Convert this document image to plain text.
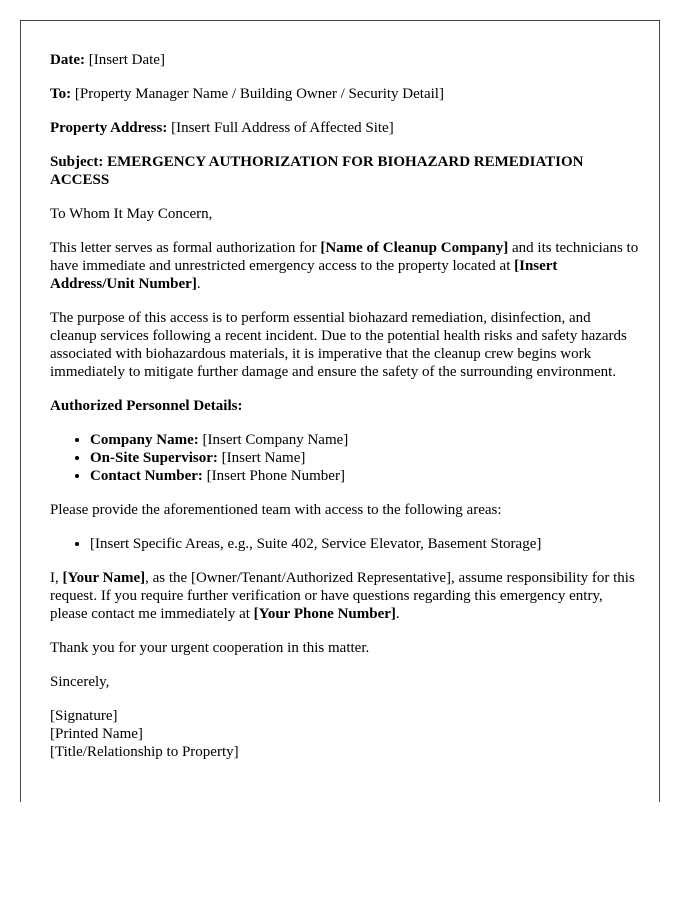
Date: [Insert Date]

To: [Property Manager Name / Building Owner / Security Detail]

Property Address: [Insert Full Address of Affected Site]

Subject: EMERGENCY AUTHORIZATION FOR BIOHAZARD REMEDIATION ACCESS

To Whom It May Concern,

This letter serves as formal authorization for [Name of Cleanup Company] and its technicians to have immediate and unrestricted emergency access to the property located at [Insert Address/Unit Number].

The purpose of this access is to perform essential biohazard remediation, disinfection, and cleanup services following a recent incident. Due to the potential health risks and safety hazards associated with biohazardous materials, it is imperative that the cleanup crew begins work immediately to mitigate further damage and ensure the safety of the surrounding environment.

Authorized Personnel Details:

• Company Name: [Insert Company Name]
• On-Site Supervisor: [Insert Name]
• Contact Number: [Insert Phone Number]

Please provide the aforementioned team with access to the following areas:

• [Insert Specific Areas, e.g., Suite 402, Service Elevator, Basement Storage]

I, [Your Name], as the [Owner/Tenant/Authorized Representative], assume responsibility for this request. If you require further verification or have questions regarding this emergency entry, please contact me immediately at [Your Phone Number].

Thank you for your urgent cooperation in this matter.

Sincerely,

[Signature]

[Printed Name]

[Title/Relationship to Property]
